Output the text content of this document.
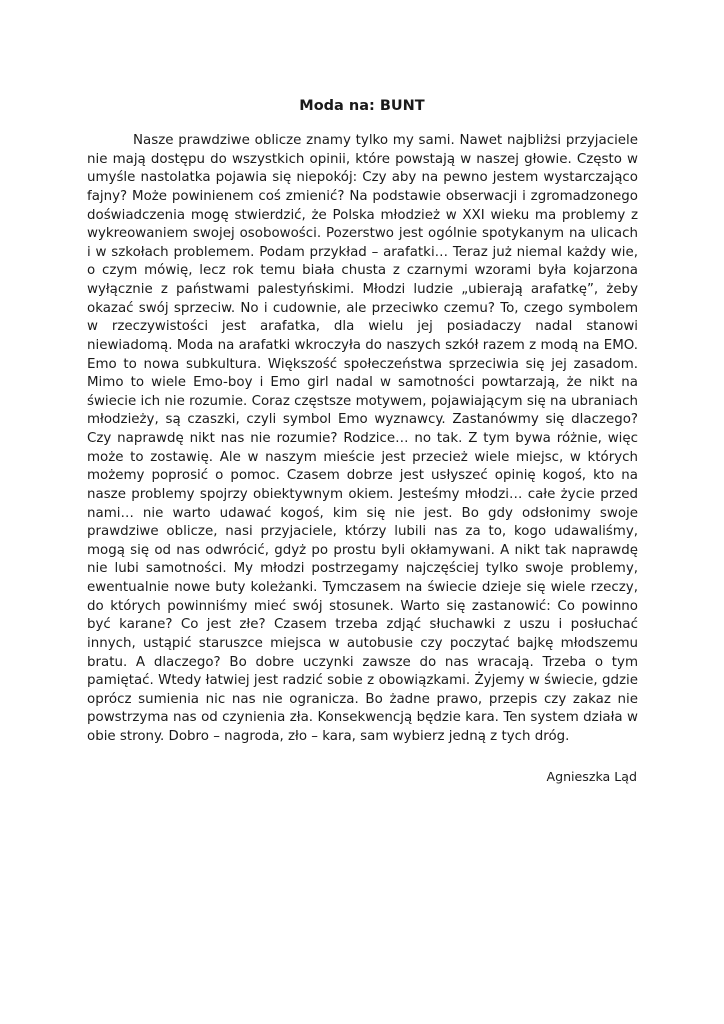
Moda na: BUNT

Nasze prawdziwe oblicze znamy tylko my sami. Nawet najbliżsi przyjaciele nie mają dostępu do wszystkich opinii, które powstają w naszej głowie. Często w umyśle nastolatka pojawia się niepokój: Czy aby na pewno jestem wystarczająco fajny? Może powinienem coś zmienić? Na podstawie obserwacji i zgromadzonego doświadczenia mogę stwierdzić, że Polska młodzież w XXI wieku ma problemy z wykreowaniem swojej osobowości. Pozerstwo jest ogólnie spotykanym na ulicach i w szkołach problemem. Podam przykład – arafatki… Teraz już niemal każdy wie, o czym mówię, lecz rok temu biała chusta z czarnymi wzorami była kojarzona wyłącznie z państwami palestyńskimi. Młodzi ludzie „ubierają arafatkę”, żeby okazać swój sprzeciw. No i cudownie, ale przeciwko czemu? To, czego symbolem w rzeczywistości jest arafatka, dla wielu jej posiadaczy nadal stanowi niewiadomą. Moda na arafatki wkroczyła do naszych szkół razem z modą na EMO. Emo to nowa subkultura. Większość społeczeństwa sprzeciwia się jej zasadom. Mimo to wiele Emo-boy i Emo girl nadal w samotności powtarzają, że nikt na świecie ich nie rozumie. Coraz częstsze motywem, pojawiającym się na ubraniach młodzieży, są czaszki, czyli symbol Emo wyznawcy. Zastanówmy się dlaczego? Czy naprawdę nikt nas nie rozumie? Rodzice… no tak. Z tym bywa różnie, więc może to zostawię. Ale w naszym mieście jest przecież wiele miejsc, w których możemy poprosić o pomoc. Czasem dobrze jest usłyszeć opinię kogoś, kto na nasze problemy spojrzy obiektywnym okiem. Jesteśmy młodzi… całe życie przed nami… nie warto udawać kogoś, kim się nie jest. Bo gdy odsłonimy swoje prawdziwe oblicze, nasi przyjaciele, którzy lubili nas za to, kogo udawaliśmy, mogą się od nas odwrócić, gdyż po prostu byli okłamywani. A nikt tak naprawdę nie lubi samotności. My młodzi postrzegamy najczęściej tylko swoje problemy, ewentualnie nowe buty koleżanki. Tymczasem na świecie dzieje się wiele rzeczy, do których powinniśmy mieć swój stosunek. Warto się zastanowić: Co powinno być karane? Co jest złe? Czasem trzeba zdjąć słuchawki z uszu i posłuchać innych, ustąpić staruszce miejsca w autobusie czy poczytać bajkę młodszemu bratu. A dlaczego? Bo dobre uczynki zawsze do nas wracają. Trzeba o tym pamiętać. Wtedy łatwiej jest radzić sobie z obowiązkami. Żyjemy w świecie, gdzie oprócz sumienia nic nas nie ogranicza. Bo żadne prawo, przepis czy zakaz nie powstrzyma nas od czynienia zła. Konsekwencją będzie kara. Ten system działa w obie strony. Dobro – nagroda, zło – kara, sam wybierz jedną z tych dróg.

Agnieszka Ląd
